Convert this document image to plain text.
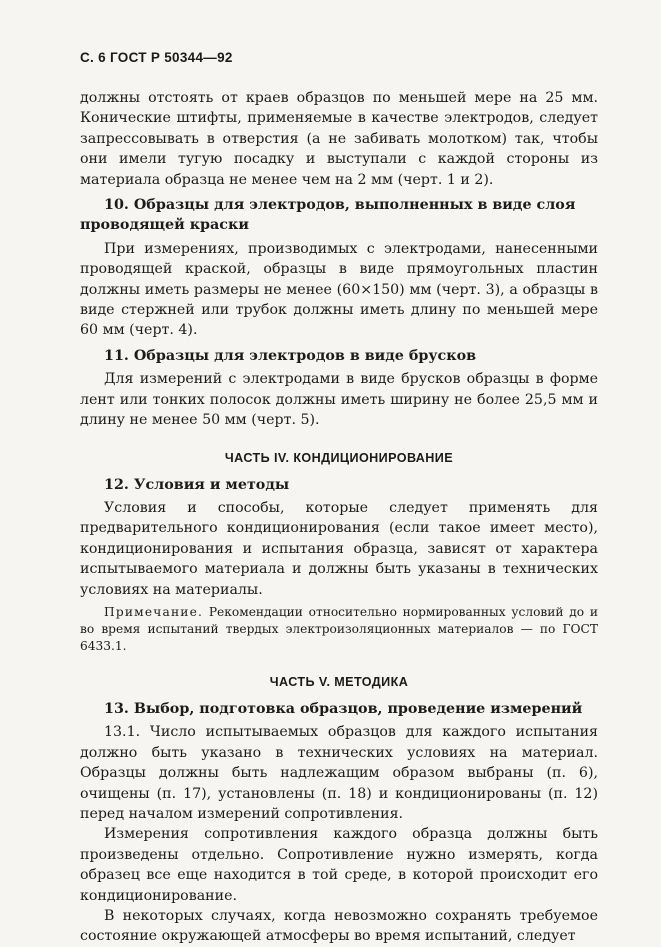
С. 6 ГОСТ Р 50344—92

должны отстоять от краев образцов по меньшей мере на 25 мм. Конические штифты, применяемые в качестве электродов, следует запрессовывать в отверстия (а не забивать молотком) так, чтобы они имели тугую посадку и выступали с каждой стороны из материала образца не менее чем на 2 мм (черт. 1 и 2).

10. Образцы для электродов, выполненных в виде слоя проводящей краски

При измерениях, производимых с электродами, нанесенными проводящей краской, образцы в виде прямоугольных пластин должны иметь размеры не менее (60×150) мм (черт. 3), а образцы в виде стержней или трубок должны иметь длину по меньшей мере 60 мм (черт. 4).

11. Образцы для электродов в виде брусков

Для измерений с электродами в виде брусков образцы в форме лент или тонких полосок должны иметь ширину не более 25,5 мм и длину не менее 50 мм (черт. 5).

ЧАСТЬ IV. КОНДИЦИОНИРОВАНИЕ
12. Условия и методы

Условия и способы, которые следует применять для предварительного кондиционирования (если такое имеет место), кондиционирования и испытания образца, зависят от характера испытываемого материала и должны быть указаны в технических условиях на материалы.

Примечание. Рекомендации относительно нормированных условий до и во время испытаний твердых электроизоляционных материалов — по ГОСТ 6433.1.

ЧАСТЬ V. МЕТОДИКА
13. Выбор, подготовка образцов, проведение измерений

13.1. Число испытываемых образцов для каждого испытания должно быть указано в технических условиях на материал. Образцы должны быть надлежащим образом выбраны (п. 6), очищены (п. 17), установлены (п. 18) и кондиционированы (п. 12) перед началом измерений сопротивления.

Измерения сопротивления каждого образца должны быть произведены отдельно. Сопротивление нужно измерять, когда образец все еще находится в той среде, в которой происходит его кондиционирование.

В некоторых случаях, когда невозможно сохранять требуемое состояние окружающей атмосферы во время испытаний, следует
